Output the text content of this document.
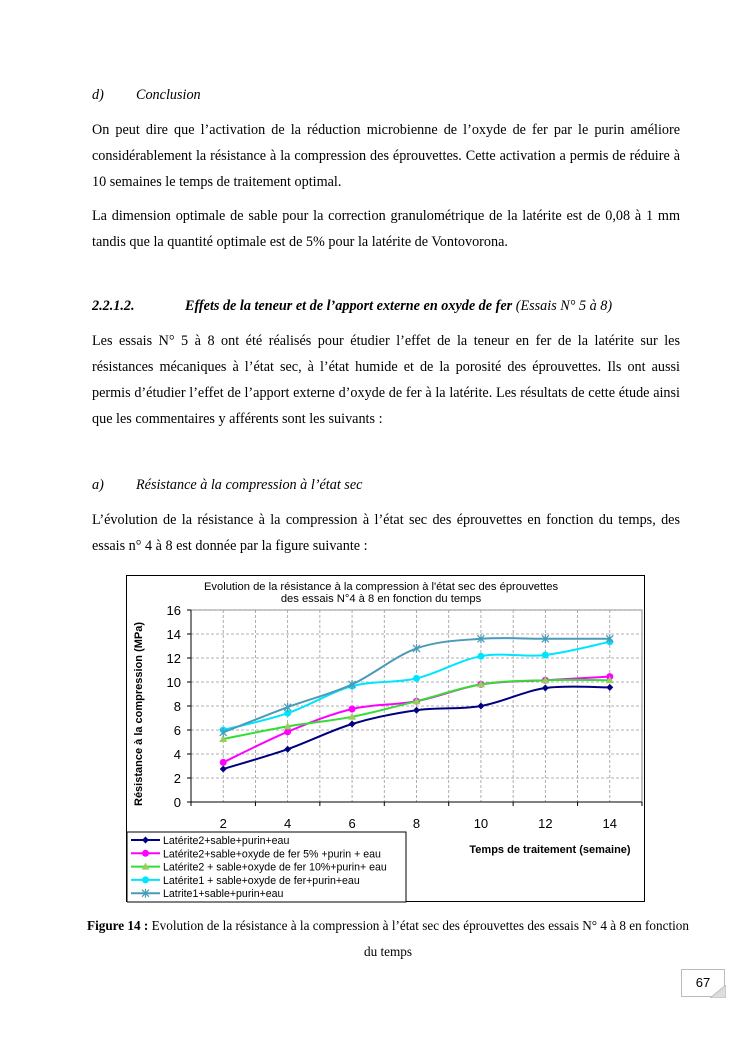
d) Conclusion
On peut dire que l’activation de la réduction microbienne de l’oxyde de fer par le purin améliore considérablement la résistance à la compression des éprouvettes. Cette activation a permis de réduire à 10 semaines le temps de traitement optimal.
La dimension optimale de sable pour la correction granulométrique de la latérite est de 0,08 à 1 mm tandis que la quantité optimale est de 5% pour la latérite de Vontovorona.
2.2.1.2.	Effets de la teneur et de l’apport externe en oxyde de fer (Essais N° 5 à 8)
Les essais N° 5 à 8 ont été réalisés pour étudier l’effet de la teneur en fer de la latérite sur les résistances mécaniques à l’état sec, à l’état humide et de la porosité des éprouvettes. Ils ont aussi permis d’étudier l’effet de l’apport externe d’oxyde de fer à la latérite. Les résultats de cette étude ainsi que les commentaires y afférents sont les suivants :
a) Résistance à la compression à l’état sec
L’évolution de la résistance à la compression à l’état sec des éprouvettes en fonction du temps, des essais n° 4 à 8 est donnée par la figure suivante :
Evolution de la résistance à la compression à l'état sec des éprouvettes
des essais N°4 à 8 en fonction du temps
0
2
4
6
8
10
12
14
16
2	4	6	8	10	12	14
Résistance à la compression (MPa)
Temps de traitement (semaine)
Latérite2+sable+purin+eau
Latérite2+sable+oxyde de fer 5% +purin + eau
Latérite2 + sable+oxyde de fer 10%+purin+ eau
Latérite1 + sable+oxyde de fer+purin+eau
Latrite1+sable+purin+eau
Figure 14 : Evolution de la résistance à la compression à l’état sec des éprouvettes des essais N° 4 à 8 en fonction du temps
67
